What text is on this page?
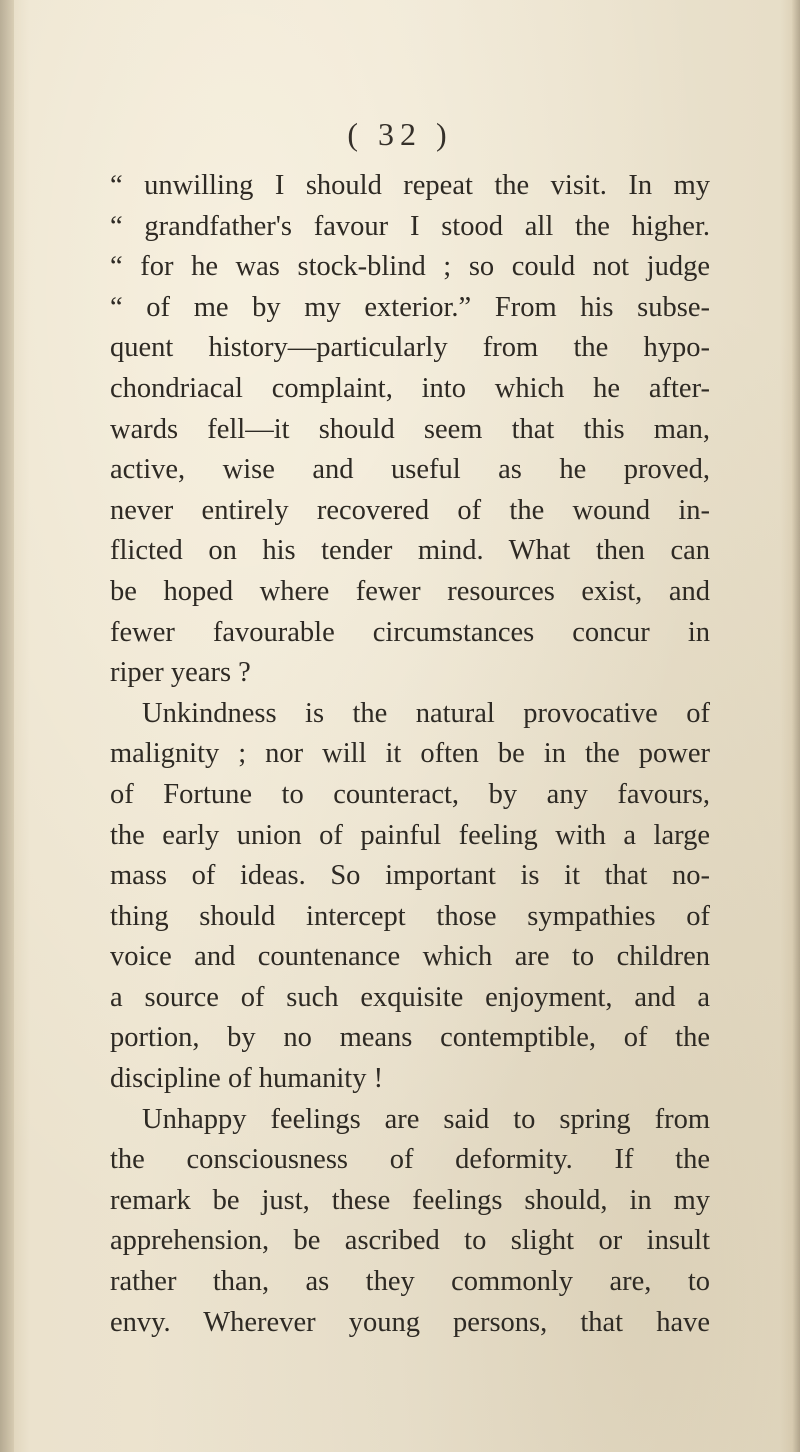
( 32 )
“ unwilling I should repeat the visit. In my
“ grandfather's favour I stood all the higher.
“ for he was stock-blind ; so could not judge
“ of me by my exterior.” From his subse-
quent history—particularly from the hypo-
chondriacal complaint, into which he after-
wards fell—it should seem that this man,
active, wise and useful as he proved,
never entirely recovered of the wound in-
flicted on his tender mind. What then can
be hoped where fewer resources exist, and
fewer favourable circumstances concur in
riper years ?
Unkindness is the natural provocative of
malignity ; nor will it often be in the power
of Fortune to counteract, by any favours,
the early union of painful feeling with a large
mass of ideas. So important is it that no-
thing should intercept those sympathies of
voice and countenance which are to children
a source of such exquisite enjoyment, and a
portion, by no means contemptible, of the
discipline of humanity !
Unhappy feelings are said to spring from
the consciousness of deformity. If the
remark be just, these feelings should, in my
apprehension, be ascribed to slight or insult
rather than, as they commonly are, to
envy. Wherever young persons, that have
